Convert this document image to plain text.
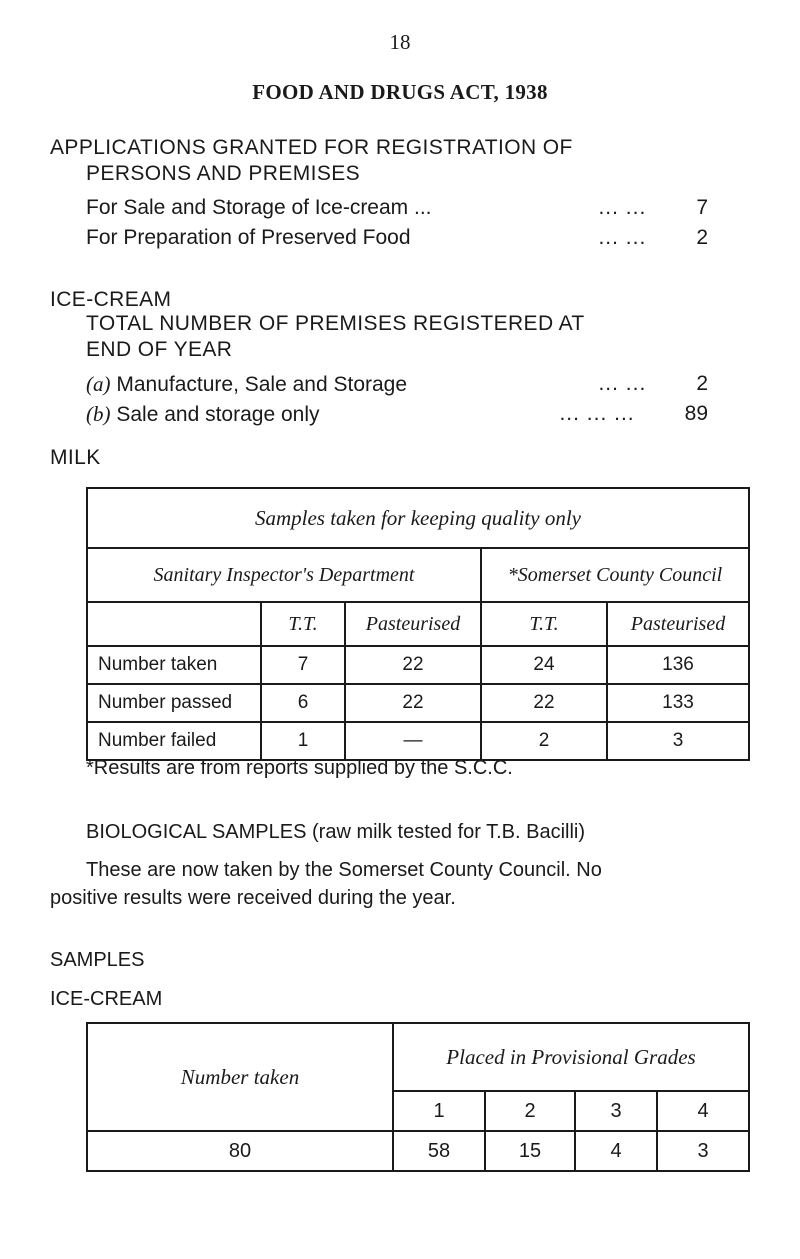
18
FOOD AND DRUGS ACT, 1938
APPLICATIONS GRANTED FOR REGISTRATION OF
PERSONS AND PREMISES
For Sale and Storage of Ice-cream ...	... ... 7
For Preparation of Preserved Food	... ... 2
ICE-CREAM
TOTAL NUMBER OF PREMISES REGISTERED AT
END OF YEAR
(a) Manufacture, Sale and Storage	... ... 2
(b) Sale and storage only	... ... ... 89
MILK
Samples taken for keeping quality only				
Sanitary Inspector's Department			*Somerset County Council	
	T.T.	Pasteurised	T.T.	Pasteurised
Number taken	7	22	24	136
Number passed	6	22	22	133
Number failed	1	—	2	3
*Results are from reports supplied by the S.C.C.
BIOLOGICAL SAMPLES (raw milk tested for T.B. Bacilli)
These are now taken by the Somerset County Council. No
positive results were received during the year.
SAMPLES
ICE-CREAM
Number taken	Placed in Provisional Grades			
	1	2	3	4
80	58	15	4	3
